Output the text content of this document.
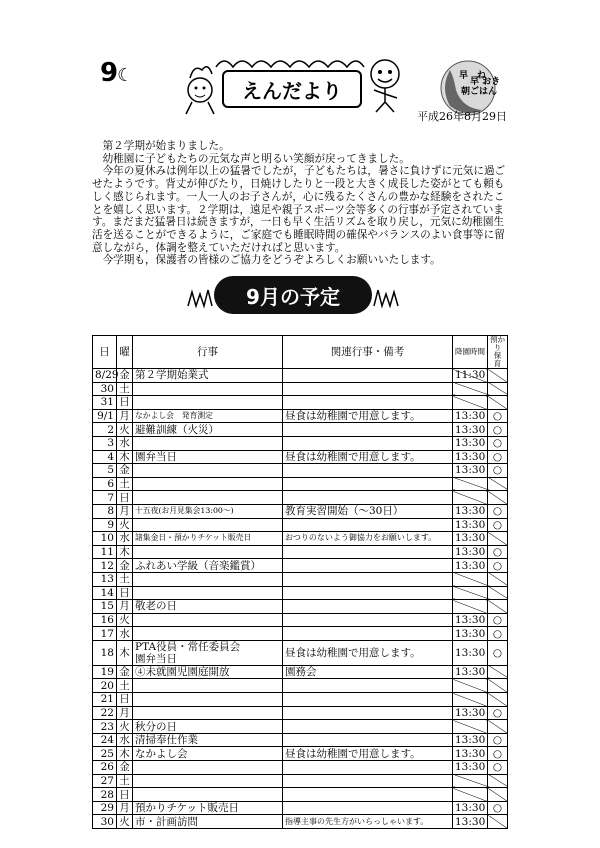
9☾
えんだより
早　ね
早 おき
朝ごはん
平成26年8月29日

第２学期が始まりました。

幼稚園に子どもたちの元気な声と明るい笑顔が戻ってきました。

今年の夏休みは例年以上の猛暑でしたが，子どもたちは，暑さに負けずに元気に過ごせたようです。背丈が伸びたり，日焼けしたりと一段と大きく成長した姿がとても頼もしく感じられます。一人一人のお子さんが，心に残るたくさんの豊かな経験をされたことを嬉しく思います。２学期は，遠足や親子スポーツ会等多くの行事が予定されています。まだまだ猛暑日は続きますが，一日も早く生活リズムを取り戻し，元気に幼稚園生活を送ることができるように，ご家庭でも睡眠時間の確保やバランスのよい食事等に留意しながら，体調を整えていただければと思います。

今学期も，保護者の皆様のご協力をどうぞよろしくお願いいたします。

9月の予定
日	曜	行事	関連行事・備考	降園時間	預かり 保　育
8/29	金	第２学期始業式		11:30	
30	土				
31	日				
9/1	月	なかよし会　発育測定	昼食は幼稚園で用意します。	13:30	○
2	火	避難訓練（火災）		13:30	○
3	水			13:30	○
4	木	園弁当日	昼食は幼稚園で用意します。	13:30	○
5	金			13:30	○
6	土				
7	日				
8	月	十五夜(お月見集会13:00～)	教育実習開始（～30日）	13:30	○
9	火			13:30	○
10	水	諸集金日・預かりチケット販売日	おつりのないよう御協力をお願いします。	13:30	
11	木			13:30	○
12	金	ふれあい学級（音楽鑑賞）		13:30	○
13	土				
14	日				
15	月	敬老の日			
16	火			13:30	○
17	水			13:30	○
18	木	PTA役員・常任委員会
園弁当日	昼食は幼稚園で用意します。	13:30	○
19	金	④未就園児園庭開放	園務会	13:30	
20	土				
21	日				
22	月			13:30	○
23	火	秋分の日			
24	水	清掃奉仕作業		13:30	○
25	木	なかよし会	昼食は幼稚園で用意します。	13:30	○
26	金			13:30	○
27	土				
28	日				
29	月	預かりチケット販売日		13:30	○
30	火	市・計画訪問	指導主事の先生方がいらっしゃいます。	13:30	
